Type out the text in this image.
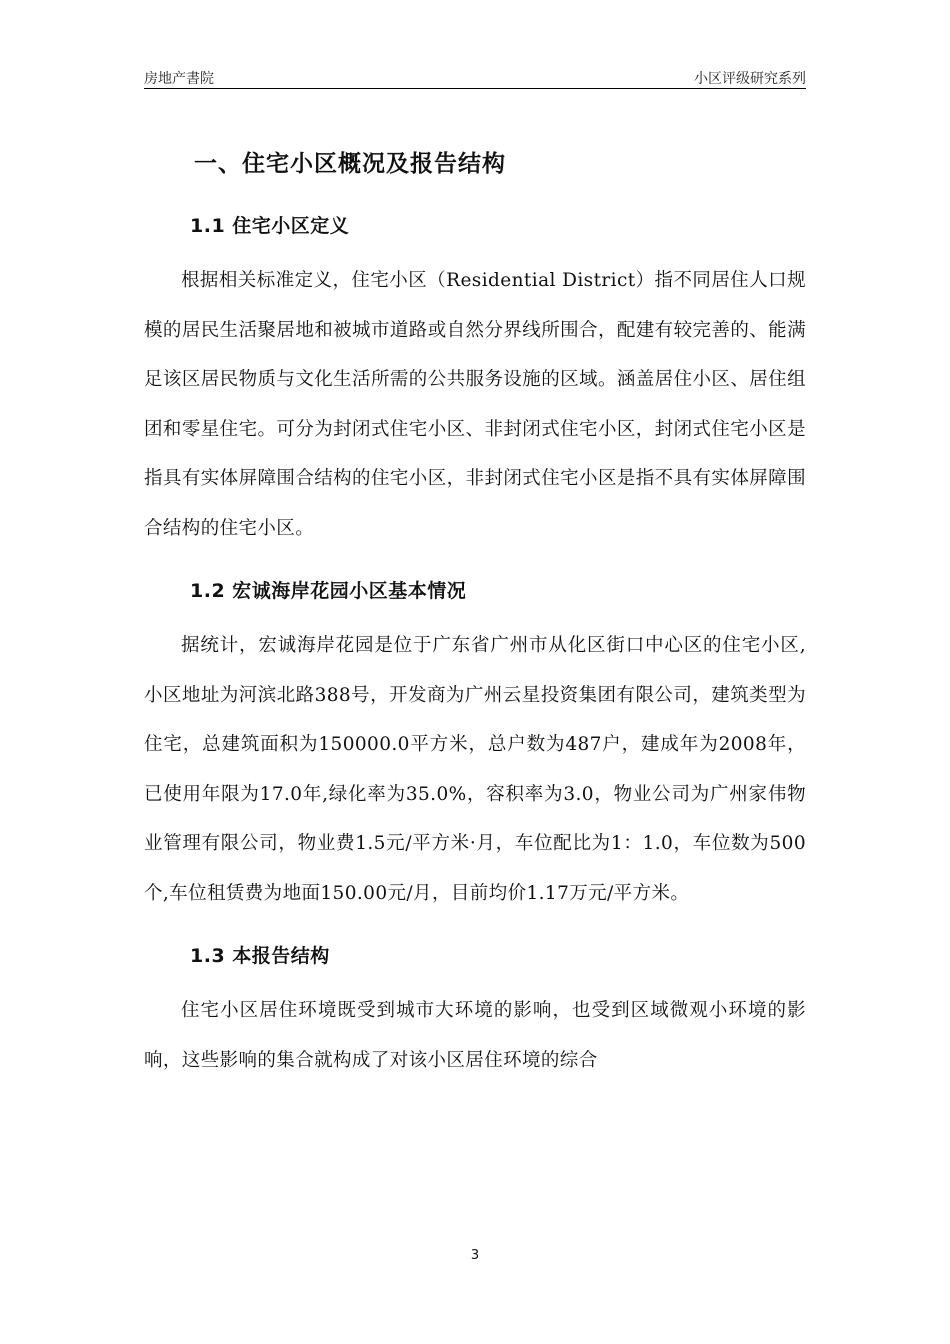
房地产書院	小区评级研究系列
一、住宅小区概况及报告结构
1.1 住宅小区定义

根据相关标准定义，住宅小区（Residential District）指不同居住人口规模的居民生活聚居地和被城市道路或自然分界线所围合，配建有较完善的、能满足该区居民物质与文化生活所需的公共服务设施的区域。涵盖居住小区、居住组团和零星住宅。可分为封闭式住宅小区、非封闭式住宅小区，封闭式住宅小区是指具有实体屏障围合结构的住宅小区，非封闭式住宅小区是指不具有实体屏障围合结构的住宅小区。

1.2 宏诚海岸花园小区基本情况

据统计，宏诚海岸花园是位于广东省广州市从化区街口中心区的住宅小区,小区地址为河滨北路388号，开发商为广州云星投资集团有限公司，建筑类型为住宅，总建筑面积为150000.0平方米，总户数为487户，建成年为2008年，已使用年限为17.0年,绿化率为35.0%，容积率为3.0，物业公司为广州家伟物业管理有限公司，物业费1.5元/平方米·月，车位配比为1：1.0，车位数为500个,车位租赁费为地面150.00元/月，目前均价1.17万元/平方米。

1.3 本报告结构

住宅小区居住环境既受到城市大环境的影响，也受到区域微观小环境的影响，这些影响的集合就构成了对该小区居住环境的综合

3
